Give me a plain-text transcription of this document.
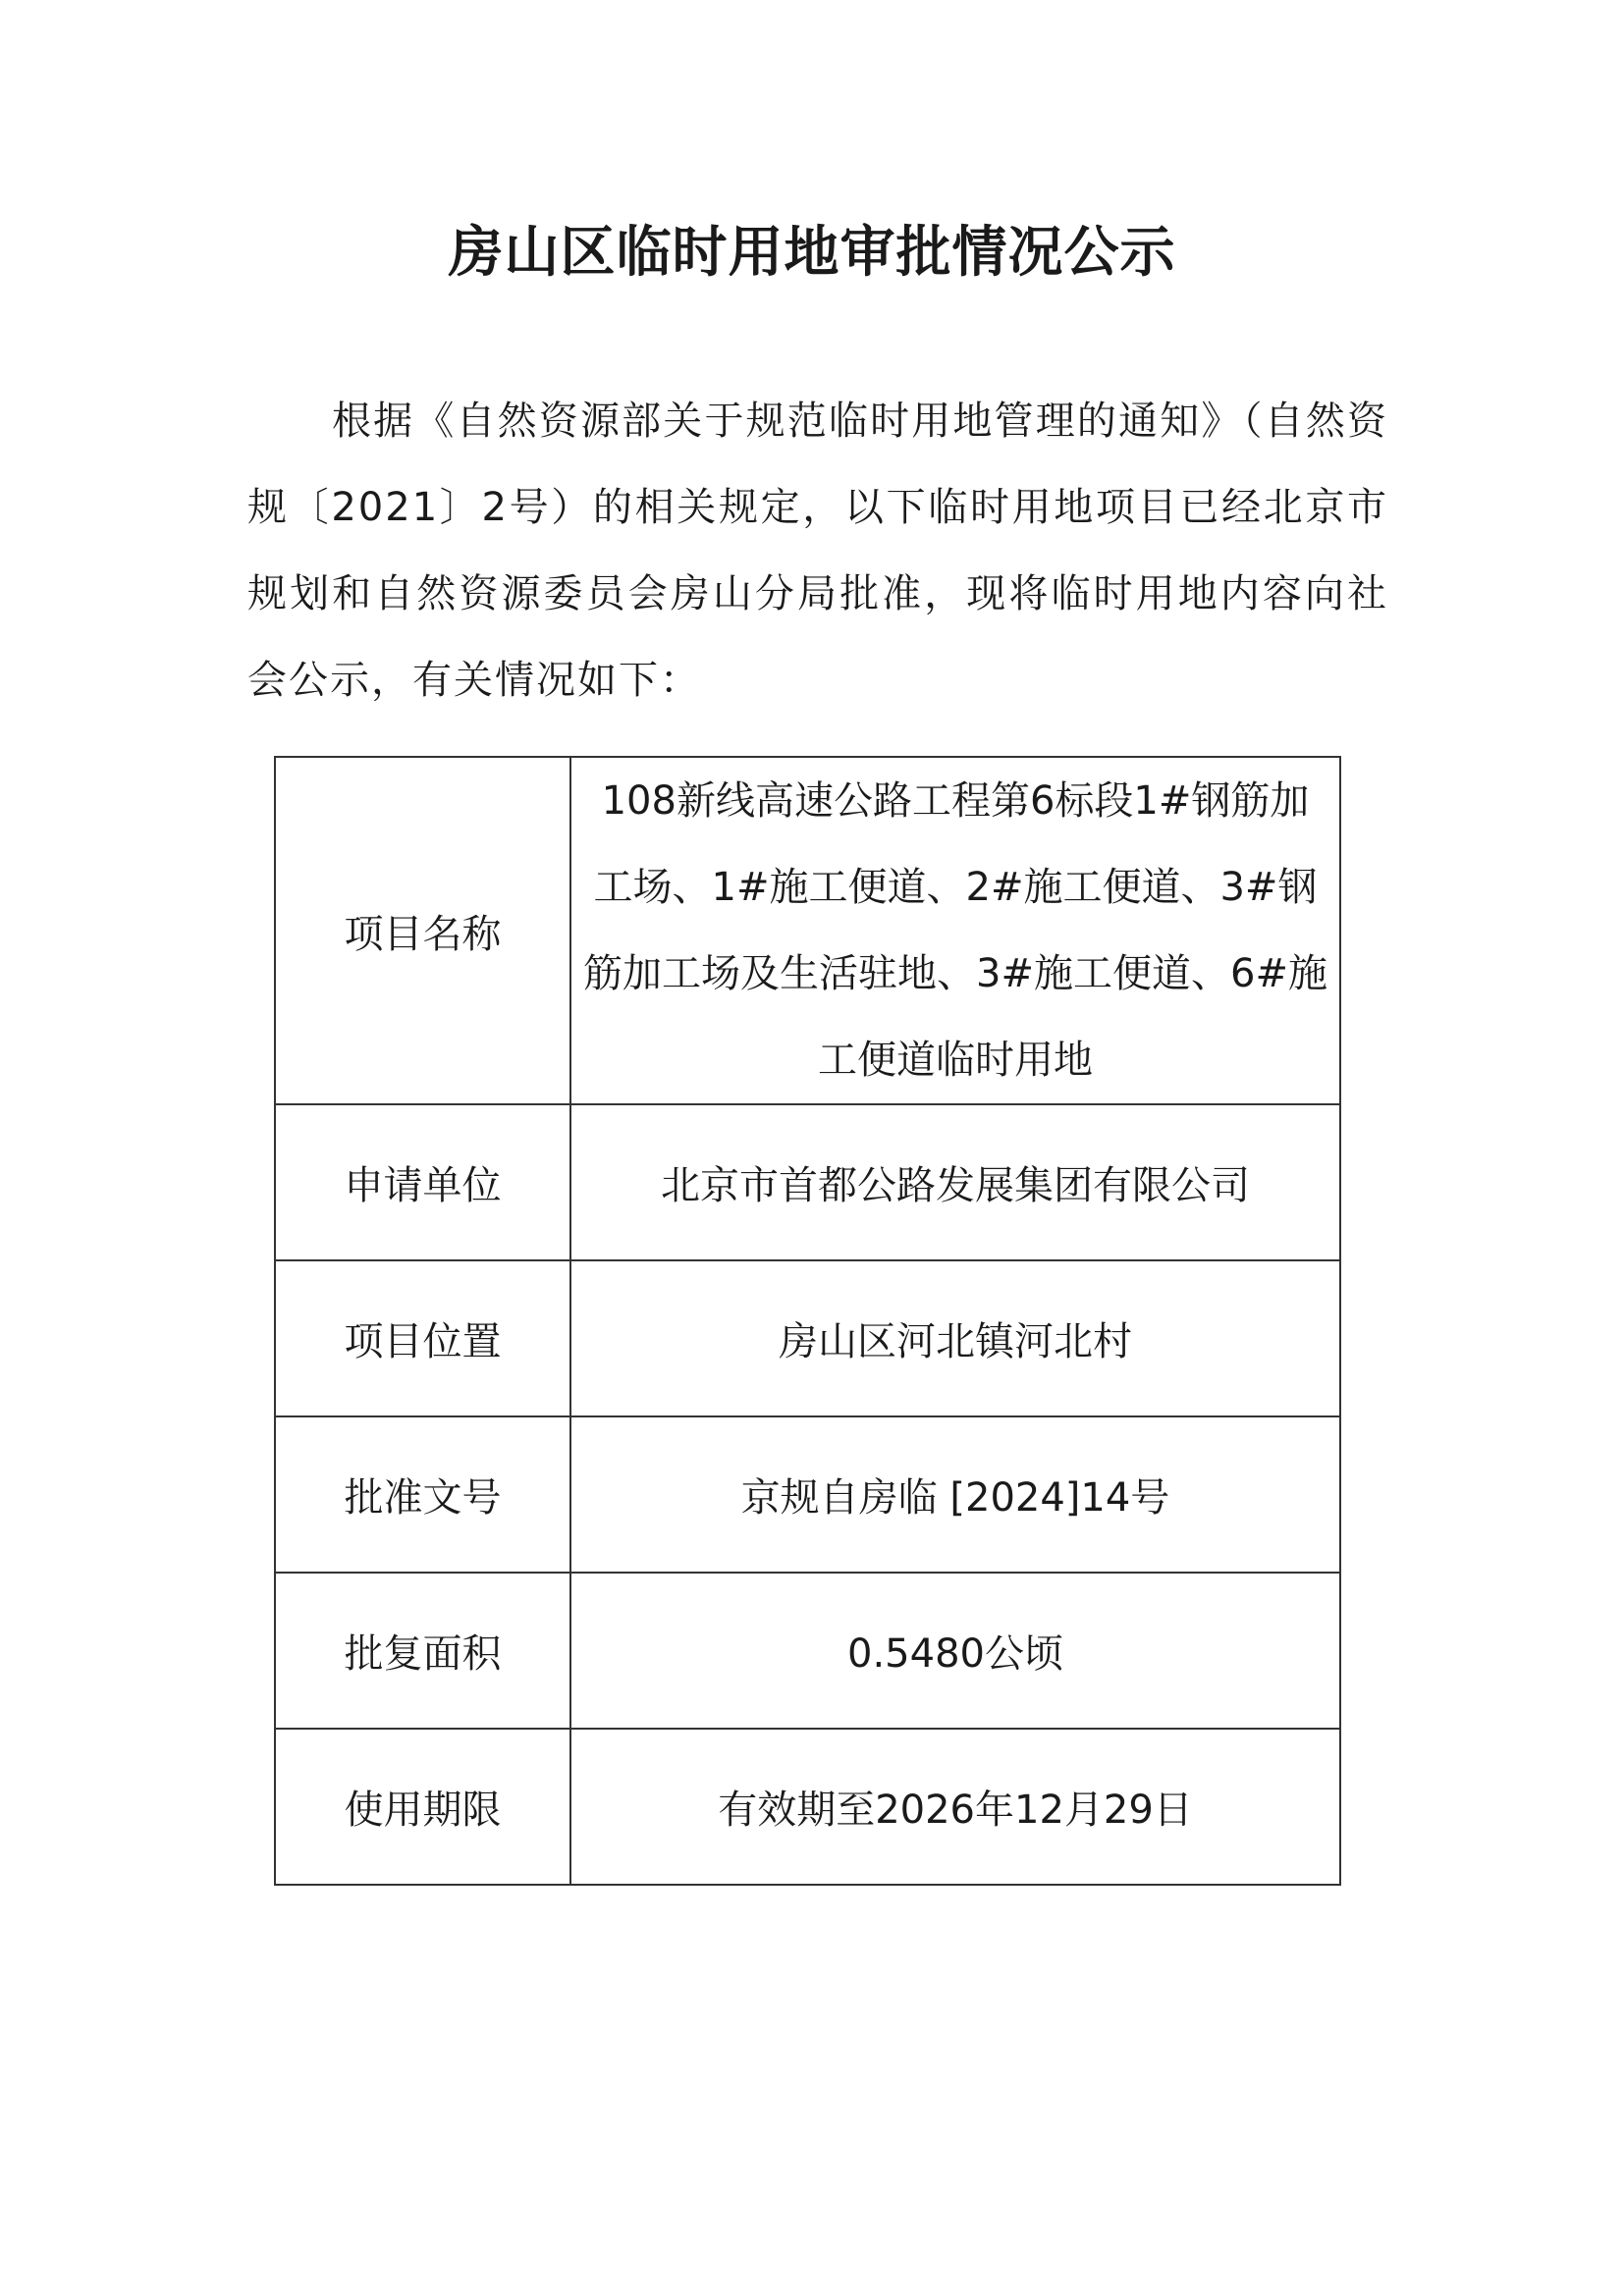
房山区临时用地审批情况公示
根据《自然资源部关于规范临时用地管理的通知》（自然资规〔2021〕2号）的相关规定，以下临时用地项目已经北京市规划和自然资源委员会房山分局批准，现将临时用地内容向社会公示，有关情况如下：
项目名称	108新线高速公路工程第6标段1#钢筋加工场、1#施工便道、2#施工便道、3#钢筋加工场及生活驻地、3#施工便道、6#施工便道临时用地
申请单位	北京市首都公路发展集团有限公司
项目位置	房山区河北镇河北村
批准文号	京规自房临 [2024]14号
批复面积	0.5480公顷
使用期限	有效期至2026年12月29日
